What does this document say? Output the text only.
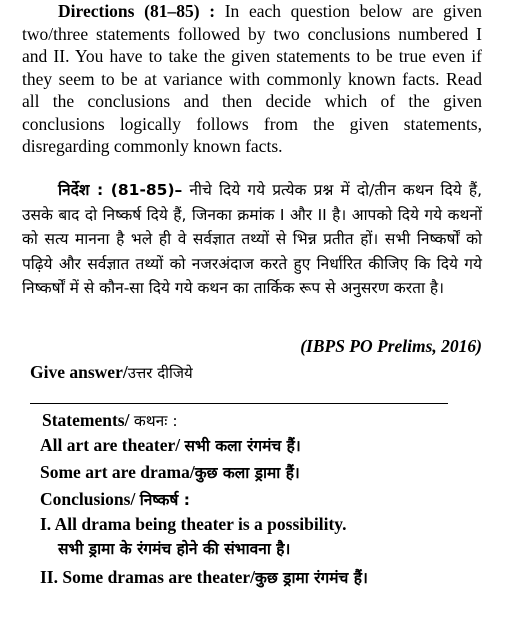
Directions (81–85) : In each question below are given two/three statements followed by two conclusions numbered I and II. You have to take the given statements to be true even if they seem to be at variance with commonly known facts. Read all the conclusions and then decide which of the given conclusions logically follows from the given statements, disregarding commonly known facts.
निर्देश : (81-85)– नीचे दिये गये प्रत्येक प्रश्न में दो/तीन कथन दिये हैं, उसके बाद दो निष्कर्ष दिये हैं, जिनका क्रमांक I और II है। आपको दिये गये कथनों को सत्य मानना है भले ही वे सर्वज्ञात तथ्यों से भिन्न प्रतीत हों। सभी निष्कर्षों को पढ़िये और सर्वज्ञात तथ्यों को नजरअंदाज करते हुए निर्धारित कीजिए कि दिये गये निष्कर्षों में से कौन-सा दिये गये कथन का तार्किक रूप से अनुसरण करता है।
(IBPS PO Prelims, 2016)
Give answer/उत्तर दीजिये
Statements/ कथनः :
All art are theater/ सभी कला रंगमंच हैं।
Some art are drama/कुछ कला ड्रामा हैं।
Conclusions/ निष्कर्ष :
I. All drama being theater is a possibility.
सभी ड्रामा के रंगमंच होने की संभावना है।
II. Some dramas are theater/कुछ ड्रामा रंगमंच हैं।
